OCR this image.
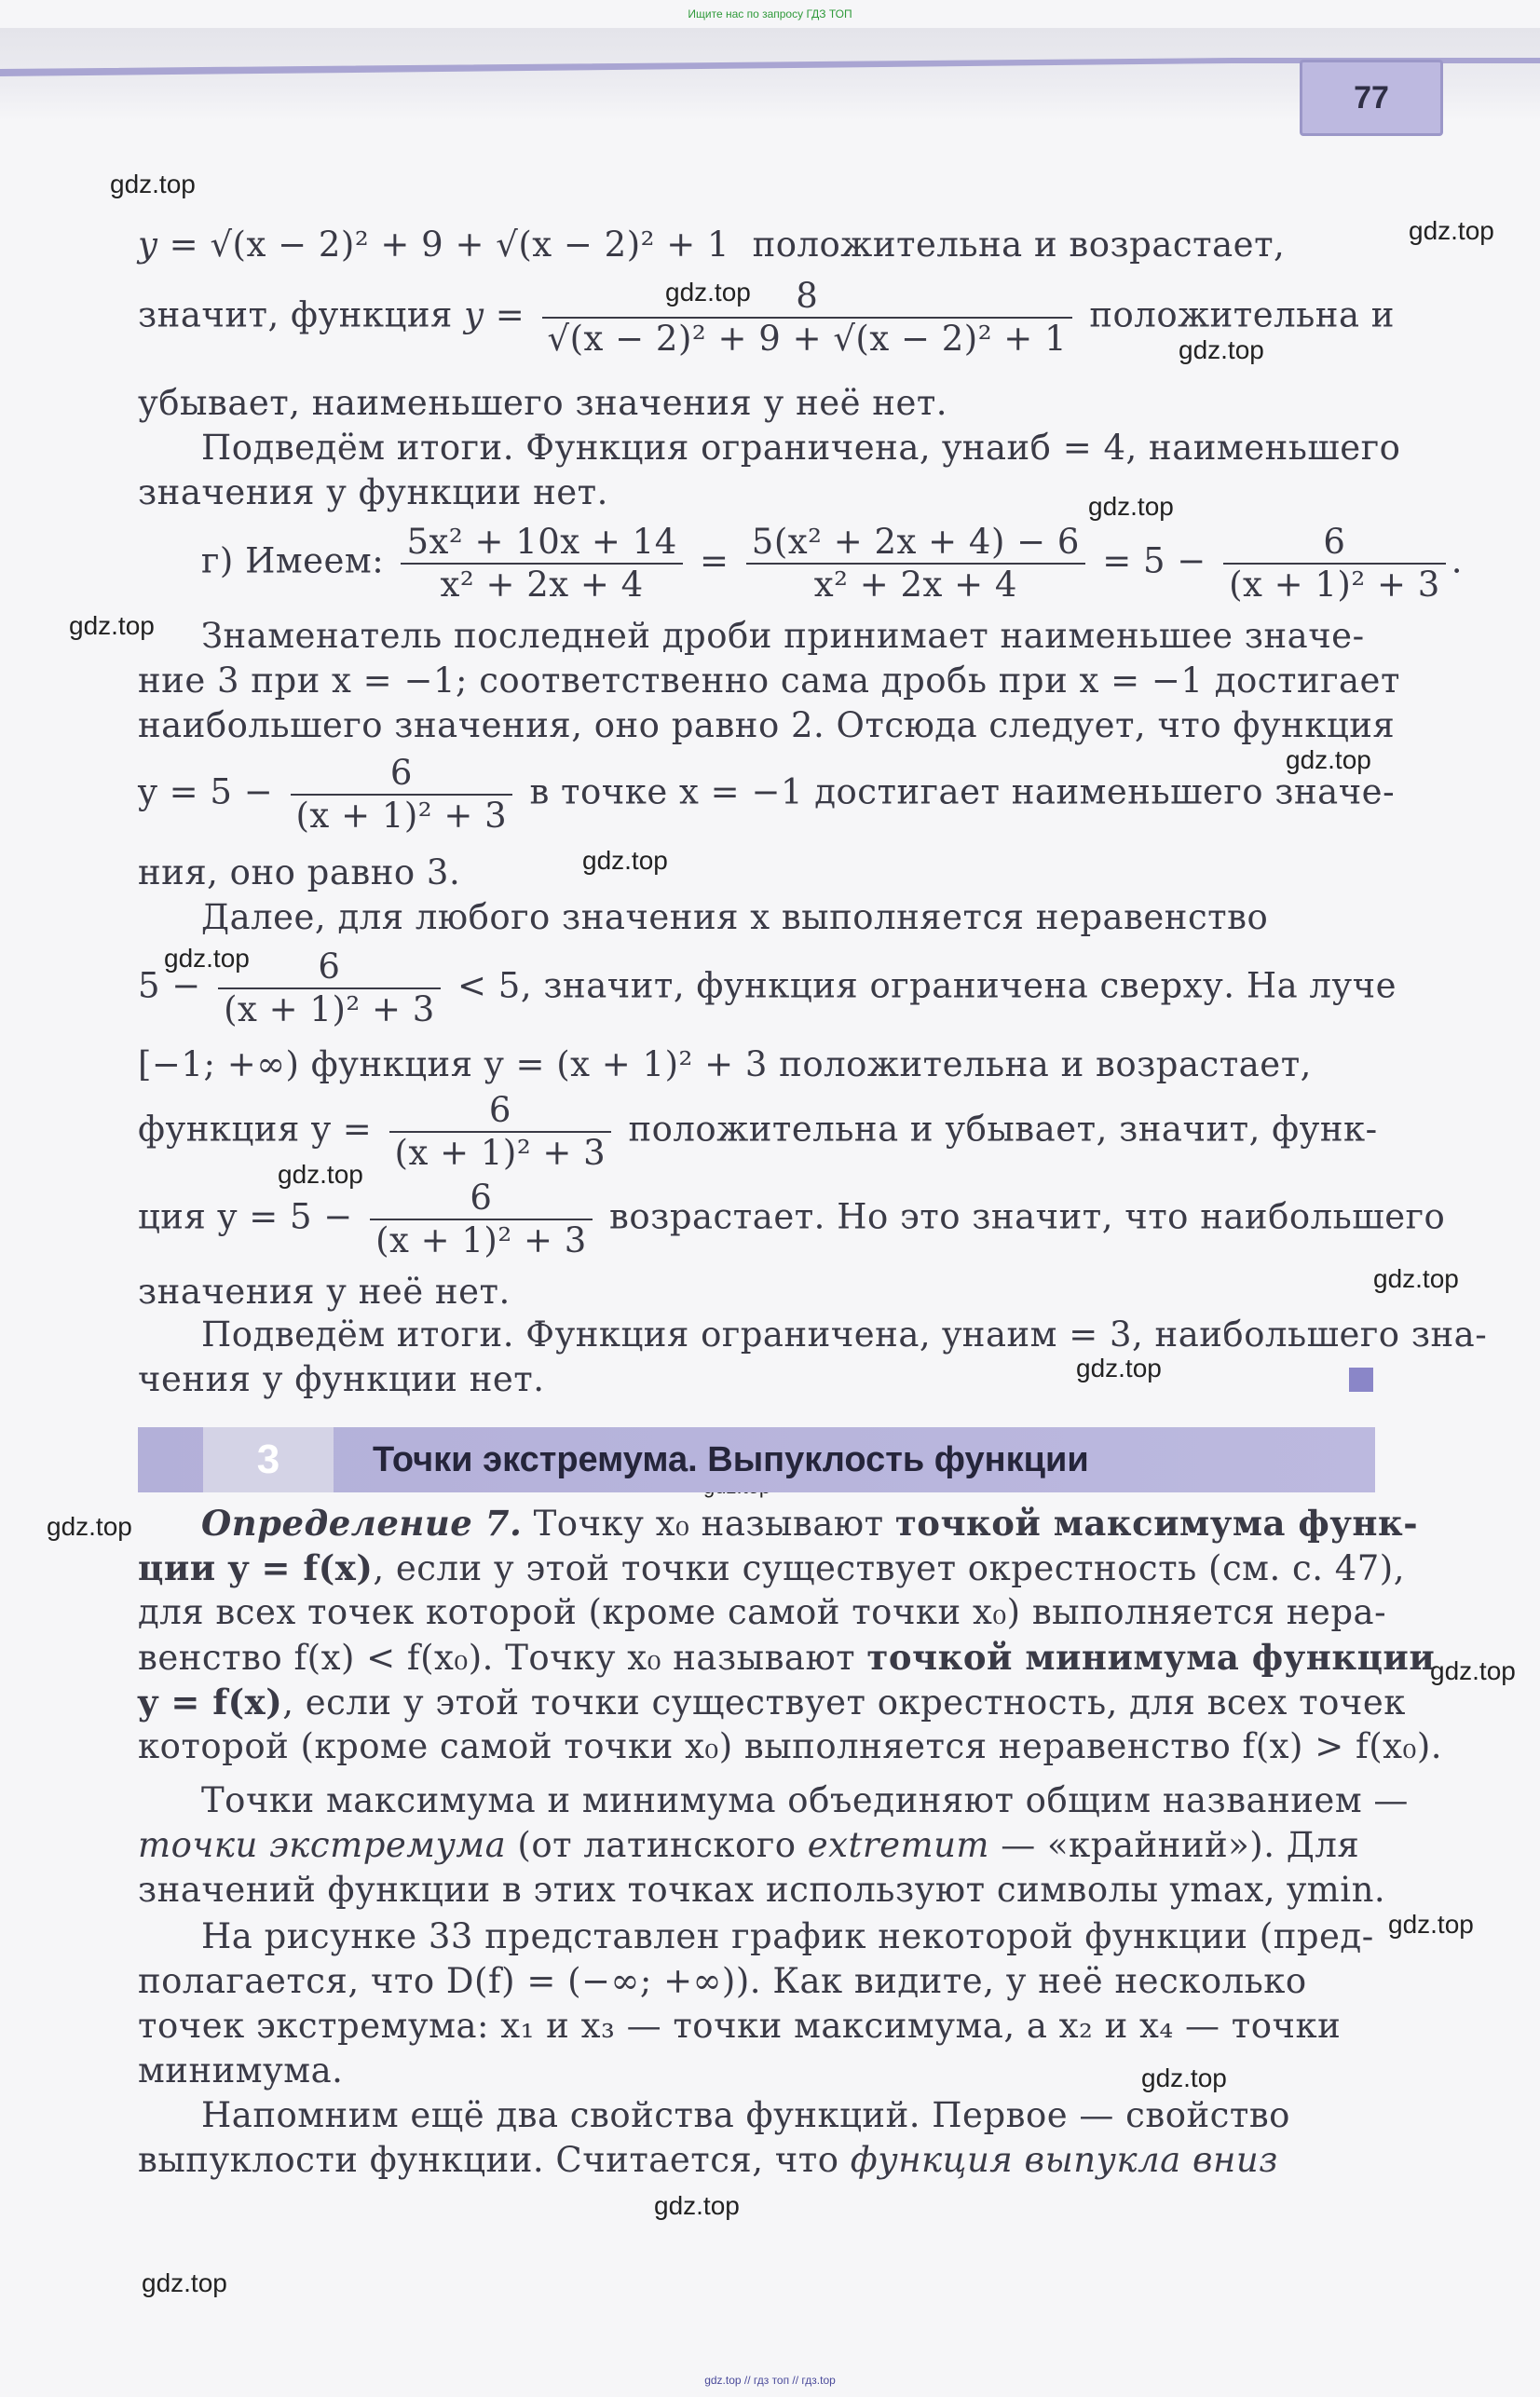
Ищите нас по запросу ГДЗ ТОП
77
gdz.top
gdz.top
gdz.top
gdz.top
gdz.top
gdz.top
gdz.top
gdz.top
gdz.top
gdz.top
gdz.top
gdz.top
gdz.top
gdz.top
gdz.top
gdz.top
gdz.top
gdz.top
y = √(x − 2)² + 9 + √(x − 2)² + 1 положительна и возрастает,
значит, функция $y = \frac{8}{\text{√(x − 2)² + 9 + √(x − 2)² + 1}}$ положительна и
убывает, наименьшего значения у неё нет.
Подведём итоги. Функция ограничена, yнаиб = 4, наименьшего
значения у функции нет.
г) Имеем: $\frac{\text{5x² + 10x + 14}}{\text{x² + 2x + 4}} = \frac{\text{5(x² + 2x + 4) − 6}}{\text{x² + 2x + 4}} = 5 - \frac{6}{\text{(x + 1)² + 3}}$ .
Знаменатель последней дроби принимает наименьшее значе-
ние 3 при x = −1; соответственно сама дробь при x = −1 достигает
наибольшего значения, оно равно 2. Отсюда следует, что функция
$y = 5 - \frac{6}{\text{(x + 1)² + 3}}$ в точке x = −1 достигает наименьшего значе-
ния, оно равно 3.
Далее, для любого значения x выполняется неравенство
$5 - \frac{6}{\text{(x + 1)² + 3}} < 5$, значит, функция ограничена сверху. На луче
[−1; +∞) функция y = (x + 1)² + 3 положительна и возрастает,
функция $y = \frac{6}{\text{(x + 1)² + 3}}$ положительна и убывает, значит, функ-
ция $y = 5 - \frac{6}{\text{(x + 1)² + 3}}$ возрастает. Но это значит, что наибольшего
значения у неё нет.
Подведём итоги. Функция ограничена, yнаим = 3, наибольшего зна-
чения у функции нет.
3	Точки экстремума. Выпуклость функции
Определение 7. Точку x₀ называют точкой максимума функ-
ции y = f(x), если у этой точки существует окрестность (см. с. 47),
для всех точек которой (кроме самой точки x₀) выполняется нера-
венство f(x) < f(x₀). Точку x₀ называют точкой минимума функции
y = f(x), если у этой точки существует окрестность, для всех точек
которой (кроме самой точки x₀) выполняется неравенство f(x) > f(x₀).
Точки максимума и минимума объединяют общим названием —
точки экстремума (от латинского extremum — «крайний»). Для
значений функции в этих точках используют символы ymax, ymin.
На рисунке 33 представлен график некоторой функции (пред-
полагается, что D(f) = (−∞; +∞)). Как видите, у неё несколько
точек экстремума: x₁ и x₃ — точки максимума, а x₂ и x₄ — точки
минимума.
Напомним ещё два свойства функций. Первое — свойство
выпуклости функции. Считается, что функция выпукла вниз
gdz.top // гдз топ // гдз.top
